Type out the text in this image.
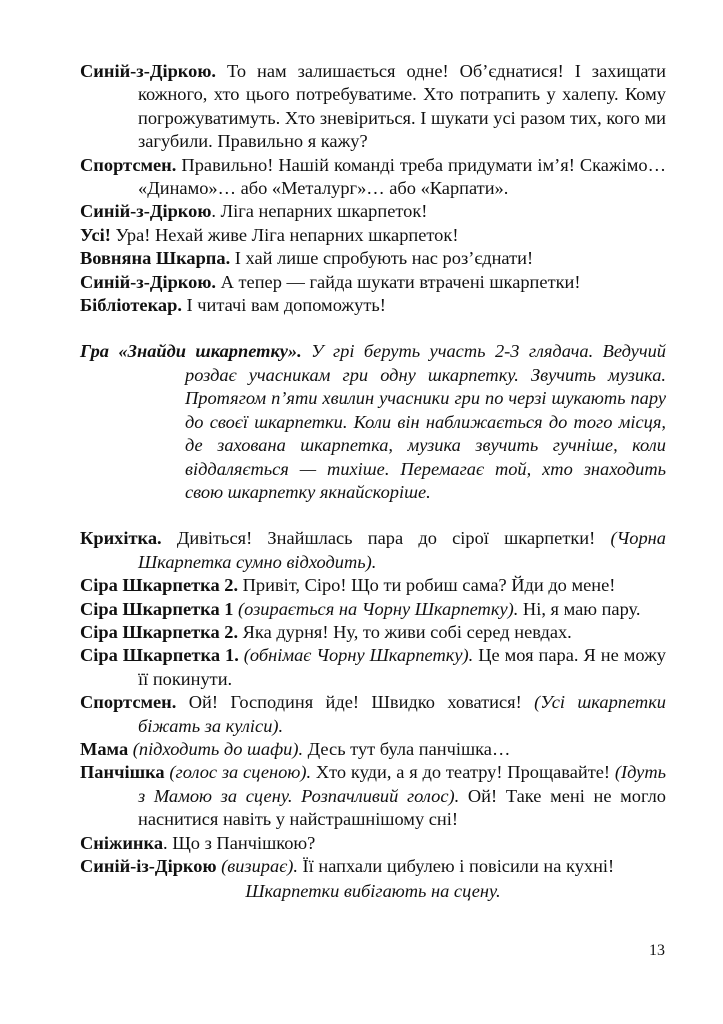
Синій-з-Діркою. То нам залишається одне! Об’єднатися! І захищати кожного, хто цього потребуватиме. Хто потрапить у халепу. Кому погрожуватимуть. Хто зневіриться. І шукати усі разом тих, кого ми загубили. Правильно я кажу?

Спортсмен. Правильно! Нашій команді треба придумати ім’я! Скажімо… «Динамо»… або «Металург»… або «Карпати».

Синій-з-Діркою. Ліга непарних шкарпеток!

Усі! Ура! Нехай живе Ліга непарних шкарпеток!

Вовняна Шкарпа. І хай лише спробують нас роз’єднати!

Синій-з-Діркою. А тепер — гайда шукати втрачені шкарпетки!

Бібліотекар. І читачі вам допоможуть!

Гра «Знайди шкарпетку». У грі беруть участь 2-3 глядача. Ведучий роздає учасникам гри одну шкарпетку. Звучить музика. Протягом п’яти хвилин учасники гри по черзі шукають пару до своєї шкарпетки. Коли він наближається до того місця, де захована шкарпетка, музика звучить гучніше, коли віддаляється — тихіше. Перемагає той, хто знаходить свою шкарпетку якнайскоріше.

Крихітка. Дивіться! Знайшлась пара до сірої шкарпетки! (Чорна Шкарпетка сумно відходить).

Сіра Шкарпетка 2. Привіт, Сіро! Що ти робиш сама? Йди до мене!

Сіра Шкарпетка 1 (озирається на Чорну Шкарпетку). Ні, я маю пару.

Сіра Шкарпетка 2. Яка дурня! Ну, то живи собі серед невдах.

Сіра Шкарпетка 1. (обнімає Чорну Шкарпетку). Це моя пара. Я не можу її покинути.

Спортсмен. Ой! Господиня йде! Швидко ховатися! (Усі шкарпетки біжать за куліси).

Мама (підходить до шафи). Десь тут була панчішка…

Панчішка (голос за сценою). Хто куди, а я до театру! Прощавайте! (Ідуть з Мамою за сцену. Розпачливий голос). Ой! Таке мені не могло наснитися навіть у найстрашнішому сні!

Сніжинка. Що з Панчішкою?

Синій-із-Діркою (визирає). Її напхали цибулею і повісили на кухні!

Шкарпетки вибігають на сцену.

13
